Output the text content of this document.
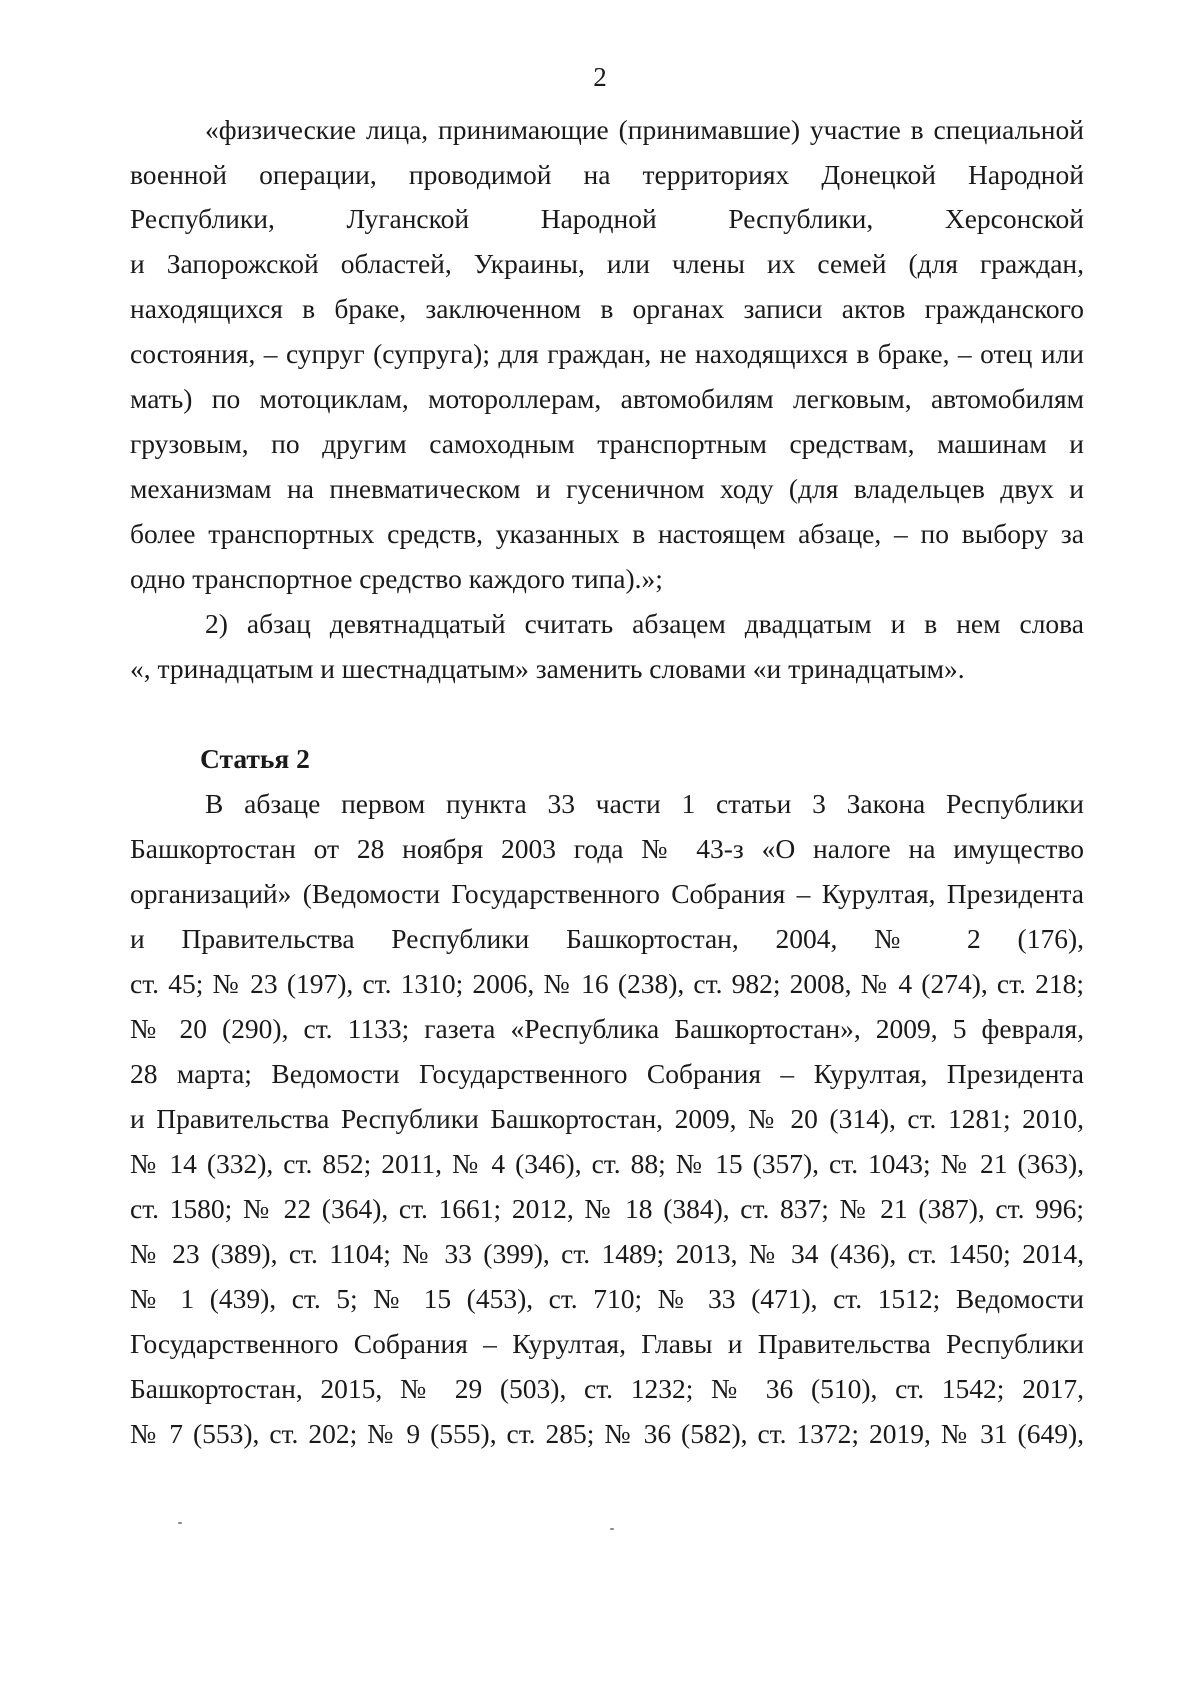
2
«физические лица, принимающие (принимавшие) участие в специальной
военной операции, проводимой на территориях Донецкой Народной
Республики, Луганской Народной Республики, Херсонской
и Запорожской областей, Украины, или члены их семей (для граждан,
находящихся в браке, заключенном в органах записи актов гражданского
состояния, – супруг (супруга); для граждан, не находящихся в браке, – отец или
мать) по мотоциклам, мотороллерам, автомобилям легковым, автомобилям
грузовым, по другим самоходным транспортным средствам, машинам и
механизмам на пневматическом и гусеничном ходу (для владельцев двух и
более транспортных средств, указанных в настоящем абзаце, – по выбору за
одно транспортное средство каждого типа).»;
2) абзац девятнадцатый считать абзацем двадцатым и в нем слова
«, тринадцатым и шестнадцатым» заменить словами «и тринадцатым».
Статья 2
В абзаце первом пункта 33 части 1 статьи 3 Закона Республики
Башкортостан от 28 ноября 2003 года № 43-з «О налоге на имущество
организаций» (Ведомости Государственного Собрания – Курултая, Президента
и Правительства Республики Башкортостан, 2004, № 2 (176),
ст. 45; № 23 (197), ст. 1310; 2006, № 16 (238), ст. 982; 2008, № 4 (274), ст. 218;
№ 20 (290), ст. 1133; газета «Республика Башкортостан», 2009, 5 февраля,
28 марта; Ведомости Государственного Собрания – Курултая, Президента
и Правительства Республики Башкортостан, 2009, № 20 (314), ст. 1281; 2010,
№ 14 (332), ст. 852; 2011, № 4 (346), ст. 88; № 15 (357), ст. 1043; № 21 (363),
ст. 1580; № 22 (364), ст. 1661; 2012, № 18 (384), ст. 837; № 21 (387), ст. 996;
№ 23 (389), ст. 1104; № 33 (399), ст. 1489; 2013, № 34 (436), ст. 1450; 2014,
№ 1 (439), ст. 5; № 15 (453), ст. 710; № 33 (471), ст. 1512; Ведомости
Государственного Собрания – Курултая, Главы и Правительства Республики
Башкортостан, 2015, № 29 (503), ст. 1232; № 36 (510), ст. 1542; 2017,
№ 7 (553), ст. 202; № 9 (555), ст. 285; № 36 (582), ст. 1372; 2019, № 31 (649),
